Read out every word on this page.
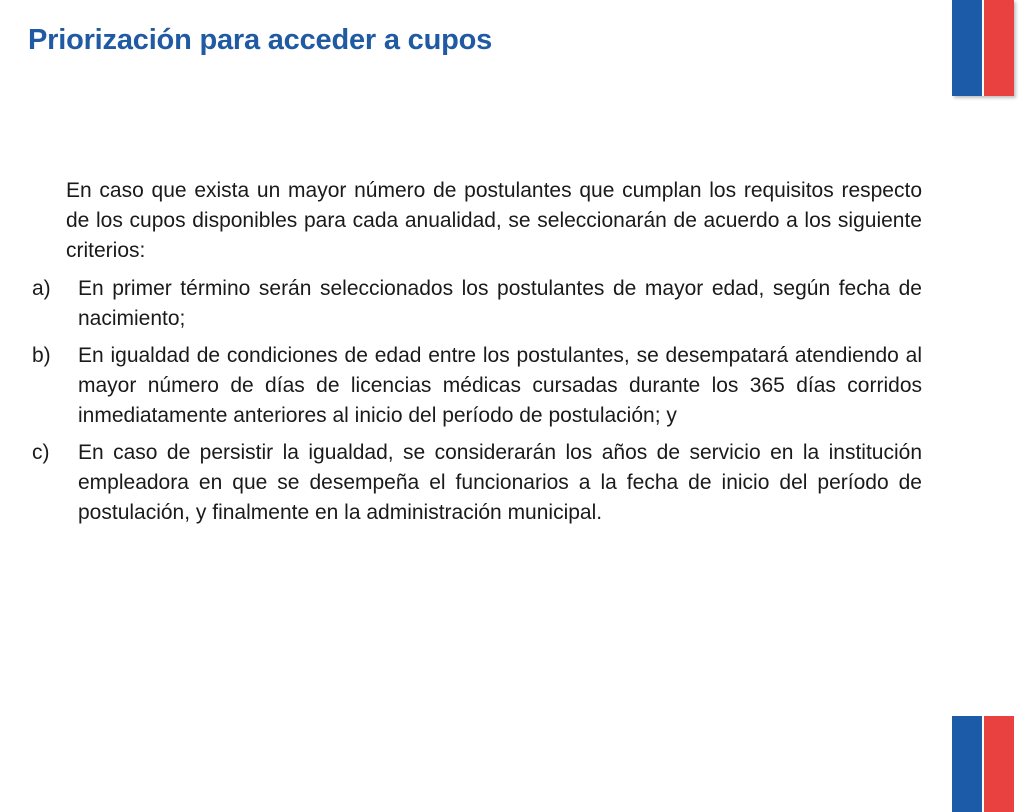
Priorización para acceder a cupos

En caso que exista un mayor número de postulantes que cumplan los requisitos respecto de los cupos disponibles para cada anualidad, se seleccionarán de acuerdo a los siguiente criterios:

a)	En primer término serán seleccionados los postulantes de mayor edad, según fecha de nacimiento;
b)	En igualdad de condiciones de edad entre los postulantes, se desempatará atendiendo al mayor número de días de licencias médicas cursadas durante los 365 días corridos inmediatamente anteriores al inicio del período de postulación; y
c)	En caso de persistir la igualdad, se considerarán los años de servicio en la institución empleadora en que se desempeña el funcionarios a la fecha de inicio del período de postulación, y finalmente en la administración municipal.
